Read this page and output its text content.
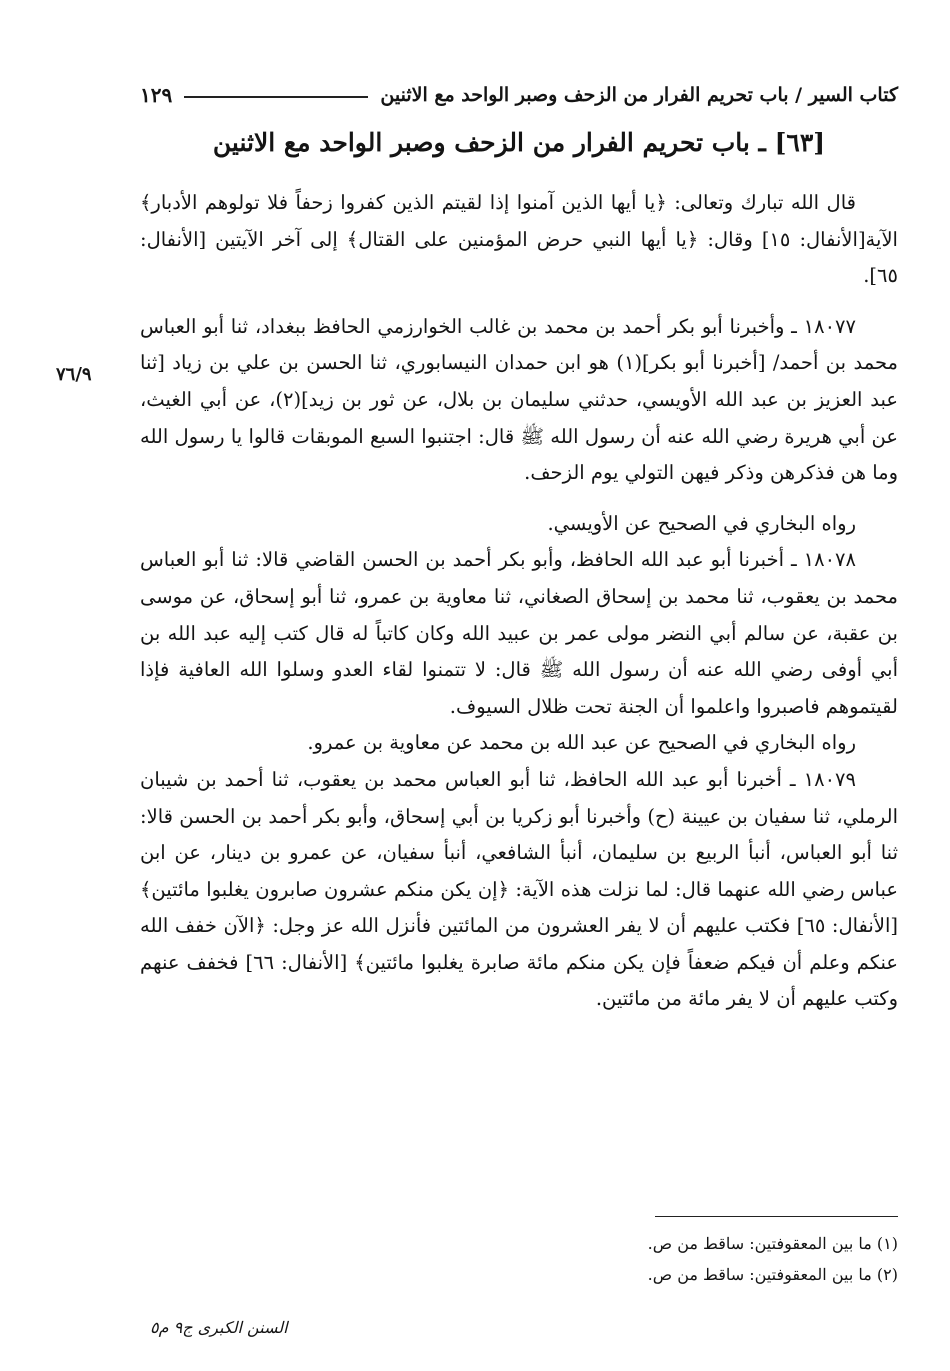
كتاب السير / باب تحريم الفرار من الزحف وصبر الواحد مع الاثنين
١٢٩
[٦٣] ـ باب تحريم الفرار من الزحف وصبر الواحد مع الاثنين
٧٦/٩

قال الله تبارك وتعالى: ﴿يا أيها الذين آمنوا إذا لقيتم الذين كفروا زحفاً فلا تولوهم الأدبار﴾ الآية[الأنفال: ١٥] وقال: ﴿يا أيها النبي حرض المؤمنين على القتال﴾ إلى آخر الآيتين [الأنفال: ٦٥].

١٨٠٧٧ ـ وأخبرنا أبو بكر أحمد بن محمد بن غالب الخوارزمي الحافظ ببغداد، ثنا أبو العباس محمد بن أحمد/ [أخبرنا أبو بكر](١) هو ابن حمدان النيسابوري، ثنا الحسن بن علي بن زياد [ثنا عبد العزيز بن عبد الله الأويسي، حدثني سليمان بن بلال، عن ثور بن زيد](٢)، عن أبي الغيث، عن أبي هريرة رضي الله عنه أن رسول الله ﷺ قال: اجتنبوا السبع الموبقات قالوا يا رسول الله وما هن فذكرهن وذكر فيهن التولي يوم الزحف.

رواه البخاري في الصحيح عن الأويسي.

١٨٠٧٨ ـ أخبرنا أبو عبد الله الحافظ، وأبو بكر أحمد بن الحسن القاضي قالا: ثنا أبو العباس محمد بن يعقوب، ثنا محمد بن إسحاق الصغاني، ثنا معاوية بن عمرو، ثنا أبو إسحاق، عن موسى بن عقبة، عن سالم أبي النضر مولى عمر بن عبيد الله وكان كاتباً له قال كتب إليه عبد الله بن أبي أوفى رضي الله عنه أن رسول الله ﷺ قال: لا تتمنوا لقاء العدو وسلوا الله العافية فإذا لقيتموهم فاصبروا واعلموا أن الجنة تحت ظلال السيوف.

رواه البخاري في الصحيح عن عبد الله بن محمد عن معاوية بن عمرو.

١٨٠٧٩ ـ أخبرنا أبو عبد الله الحافظ، ثنا أبو العباس محمد بن يعقوب، ثنا أحمد بن شيبان الرملي، ثنا سفيان بن عيينة (ح) وأخبرنا أبو زكريا بن أبي إسحاق، وأبو بكر أحمد بن الحسن قالا: ثنا أبو العباس، أنبأ الربيع بن سليمان، أنبأ الشافعي، أنبأ سفيان، عن عمرو بن دينار، عن ابن عباس رضي الله عنهما قال: لما نزلت هذه الآية: ﴿إن يكن منكم عشرون صابرون يغلبوا مائتين﴾ [الأنفال: ٦٥] فكتب عليهم أن لا يفر العشرون من المائتين فأنزل الله عز وجل: ﴿الآن خفف الله عنكم وعلم أن فيكم ضعفاً فإن يكن منكم مائة صابرة يغلبوا مائتين﴾ [الأنفال: ٦٦] فخفف عنهم وكتب عليهم أن لا يفر مائة من مائتين.

(١) ما بين المعقوفتين: ساقط من ص.

(٢) ما بين المعقوفتين: ساقط من ص.

السنن الكبرى ج٩ م٥
